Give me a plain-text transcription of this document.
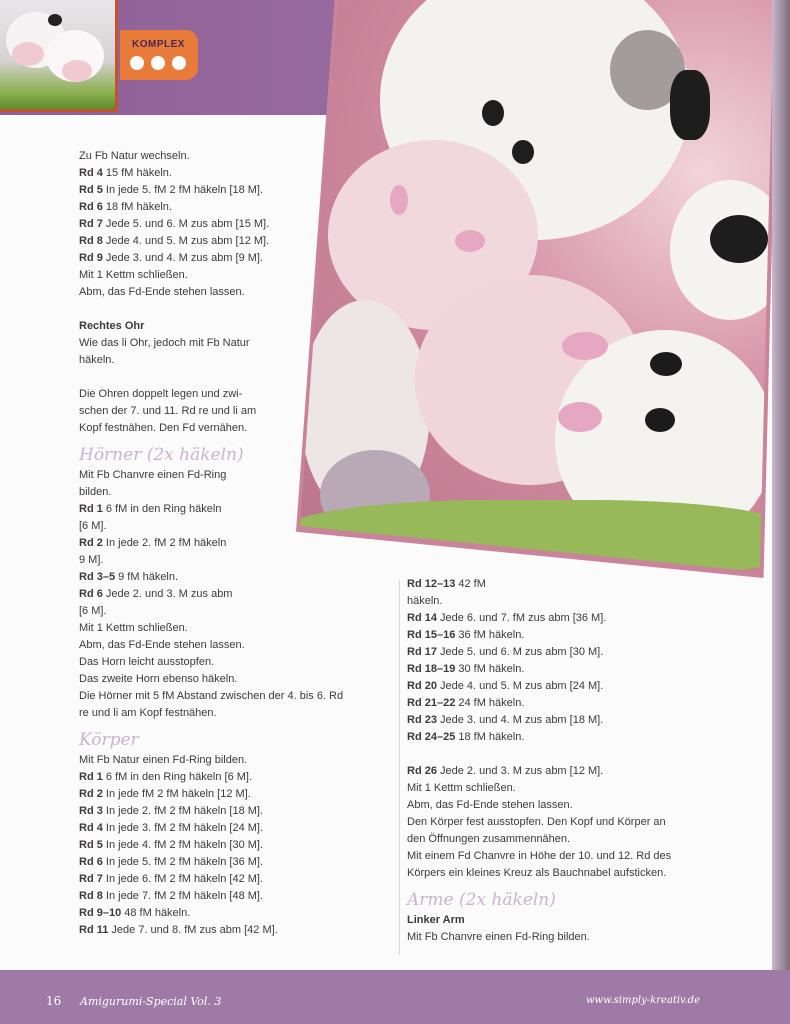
KOMPLEX
Zu Fb Natur wechseln.
Rd 4 15 fM häkeln.
Rd 5 In jede 5. fM 2 fM häkeln [18 M].
Rd 6 18 fM häkeln.
Rd 7 Jede 5. und 6. M zus abm [15 M].
Rd 8 Jede 4. und 5. M zus abm [12 M].
Rd 9 Jede 3. und 4. M zus abm [9 M].
Mit 1 Kettm schließen.
Abm, das Fd-Ende stehen lassen.
Rechtes Ohr
Wie das li Ohr, jedoch mit Fb Natur
häkeln.
Die Ohren doppelt legen und zwi-
schen der 7. und 11. Rd re und li am
Kopf festnähen. Den Fd vernähen.
Hörner (2x häkeln)
Mit Fb Chanvre einen Fd-Ring
bilden.
Rd 1 6 fM in den Ring häkeln
[6 M].
Rd 2 In jede 2. fM 2 fM häkeln
9 M].
Rd 3–5 9 fM häkeln.
Rd 6 Jede 2. und 3. M zus abm
[6 M].
Mit 1 Kettm schließen.
Abm, das Fd-Ende stehen lassen.
Das Horn leicht ausstopfen.
Das zweite Horn ebenso häkeln.
Die Hörner mit 5 fM Abstand zwischen der 4. bis 6. Rd
re und li am Kopf festnähen.
Körper
Mit Fb Natur einen Fd-Ring bilden.
Rd 1 6 fM in den Ring häkeln [6 M].
Rd 2 In jede fM 2 fM häkeln [12 M].
Rd 3 In jede 2. fM 2 fM häkeln [18 M].
Rd 4 In jede 3. fM 2 fM häkeln [24 M].
Rd 5 In jede 4. fM 2 fM häkeln [30 M].
Rd 6 In jede 5. fM 2 fM häkeln [36 M].
Rd 7 In jede 6. fM 2 fM häkeln [42 M].
Rd 8 In jede 7. fM 2 fM häkeln [48 M].
Rd 9–10 48 fM häkeln.
Rd 11 Jede 7. und 8. fM zus abm [42 M].
Rd 12–13 42 fM
häkeln.
Rd 14 Jede 6. und 7. fM zus abm [36 M].
Rd 15–16 36 fM häkeln.
Rd 17 Jede 5. und 6. M zus abm [30 M].
Rd 18–19 30 fM häkeln.
Rd 20 Jede 4. und 5. M zus abm [24 M].
Rd 21–22 24 fM häkeln.
Rd 23 Jede 3. und 4. M zus abm [18 M].
Rd 24–25 18 fM häkeln.
Rd 26 Jede 2. und 3. M zus abm [12 M].
Mit 1 Kettm schließen.
Abm, das Fd-Ende stehen lassen.
Den Körper fest ausstopfen. Den Kopf und Körper an
den Öffnungen zusammennähen.
Mit einem Fd Chanvre in Höhe der 10. und 12. Rd des
Körpers ein kleines Kreuz als Bauchnabel aufsticken.
Arme (2x häkeln)
Linker Arm
Mit Fb Chanvre einen Fd-Ring bilden.
16 Amigurumi-Special Vol. 3	www.simply-kreativ.de
